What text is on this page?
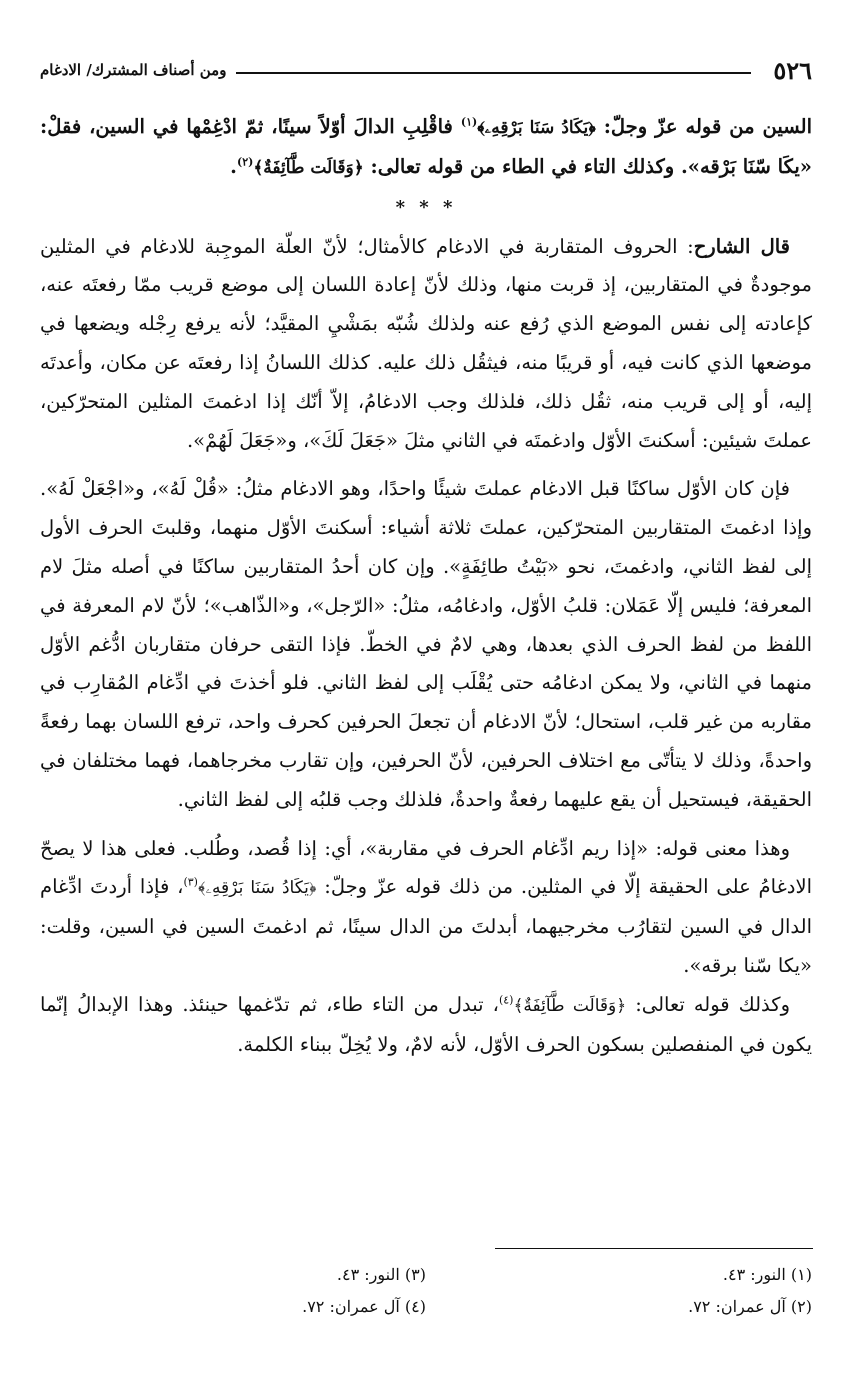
٥٢٦
ومن أصناف المشترك/ الادغام

السين من قوله عزّ وجلّ: ﴿يَكَادُ سَنَا بَرْقِهِۦ﴾$^{(١)}$ فاقْلِبِ الدالَ أوّلاً سينًا، ثمّ ادْغِمْها في السين، فقلْ: «يكَا سّنَا بَرْقه». وكذلك التاء في الطاء من قوله تعالى: ﴿وَقَالَت طَّآئِفَةٌ﴾$^{(٢)}$.

* * *

قال الشارح: الحروف المتقاربة في الادغام كالأمثال؛ لأنّ العلّة الموجِبة للادغام في المثلين موجودةٌ في المتقاربين، إذ قربت منها، وذلك لأنّ إعادة اللسان إلى موضع قريب ممّا رفعتَه عنه، كإعادته إلى نفس الموضع الذي رُفع عنه ولذلك شُبّه بمَشْيِ المقيَّد؛ لأنه يرفع رِجْله ويضعها في موضعها الذي كانت فيه، أو قريبًا منه، فيثقُل ذلك عليه. كذلك اللسانُ إذا رفعتَه عن مكان، وأعدتَه إليه، أو إلى قريب منه، ثقُل ذلك، فلذلك وجب الادغامُ، إلاّ أنّك إذا ادغمتَ المثلين المتحرّكين، عملتَ شيئين: أسكنتَ الأوّل وادغمتَه في الثاني مثلَ «جَعَلَ لَكَ»، و«جَعَلَ لَهُمْ».

فإن كان الأوّل ساكنًا قبل الادغام عملتَ شيئًا واحدًا، وهو الادغام مثلُ: «قُلْ لَهُ»، و«اجْعَلْ لَهُ». وإذا ادغمتَ المتقاربين المتحرّكين، عملتَ ثلاثة أشياء: أسكنتَ الأوّل منهما، وقلبتَ الحرف الأول إلى لفظ الثاني، وادغمتَ، نحو «بَيْتُ طائِفَةٍ». وإن كان أحدُ المتقاربين ساكنًا في أصله مثلَ لام المعرفة؛ فليس إلّا عَمَلان: قلبُ الأوّل، وادغامُه، مثلُ: «الرّجل»، و«الذّاهب»؛ لأنّ لام المعرفة في اللفظ من لفظ الحرف الذي بعدها، وهي لامٌ في الخطّ. فإذا التقى حرفان متقاربان ادُّغم الأوّل منهما في الثاني، ولا يمكن ادغامُه حتى يُقْلَب إلى لفظ الثاني. فلو أخذتَ في ادِّغام المُقارِب في مقاربه من غير قلب، استحال؛ لأنّ الادغام أن تجعلَ الحرفين كحرف واحد، ترفع اللسان بهما رفعةً واحدةً، وذلك لا يتأتّى مع اختلاف الحرفين، لأنّ الحرفين، وإن تقارب مخرجاهما، فهما مختلفان في الحقيقة، فيستحيل أن يقع عليهما رفعةٌ واحدةٌ، فلذلك وجب قلبُه إلى لفظ الثاني.

وهذا معنى قوله: «إذا ريم ادِّغام الحرف في مقاربة»، أي: إذا قُصد، وطُلب. فعلى هذا لا يصحّ الادغامُ على الحقيقة إلّا في المثلين. من ذلك قوله عزّ وجلّ: ﴿يَكَادُ سَنَا بَرْقِهِۦ﴾$^{(٣)}$، فإذا أردتَ ادِّغام الدال في السين لتقارُب مخرجيهما، أبدلتَ من الدال سينًا، ثم ادغمتَ السين في السين، وقلت: «يكا سّنا برقه».

وكذلك قوله تعالى: ﴿وَقَالَت طَّآئِفَةٌ﴾$^{(٤)}$، تبدل من التاء طاء، ثم تدّغمها حينئذ. وهذا الإبدالُ إنّما يكون في المنفصلين بسكون الحرف الأوّل، لأنه لامٌ، ولا يُخِلّ ببناء الكلمة.

(١) النور: ٤٣.
(٣) النور: ٤٣.
(٢) آل عمران: ٧٢.
(٤) آل عمران: ٧٢.
